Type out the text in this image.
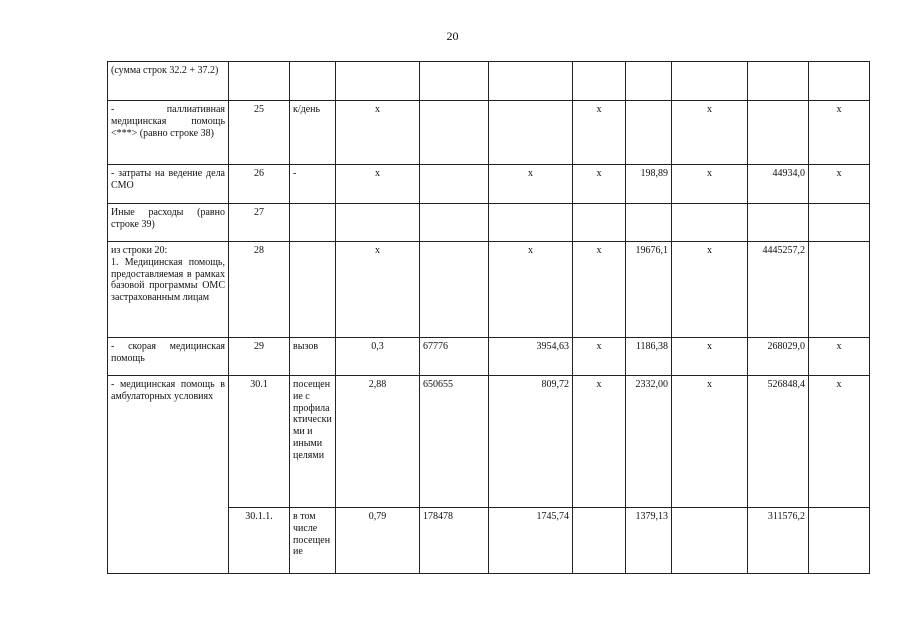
20
(сумма строк 32.2 + 37.2)										
- паллиативная медицинская помощь <***> (равно строке 38)	25	к/день	x			x		x		x
- затраты на ведение дела СМО	26	-	x		x	x	198,89	x	44934,0	x
Иные расходы (равно строке 39)	27									
из строки 20:
1. Медицинская помощь, предоставляемая в рамках базовой программы ОМС застрахованным лицам	28		x		x	x	19676,1	x	4445257,2	
- скорая медицинская помощь	29	вызов	0,3	67776	3954,63	x	1186,38	x	268029,0	x
- медицинская помощь в амбулаторных условиях	30.1	посещение с профилактическими и иными целями	2,88	650655	809,72	x	2332,00	x	526848,4	x
	30.1.1.	в том числе посещение	0,79	178478	1745,74		1379,13		311576,2	
